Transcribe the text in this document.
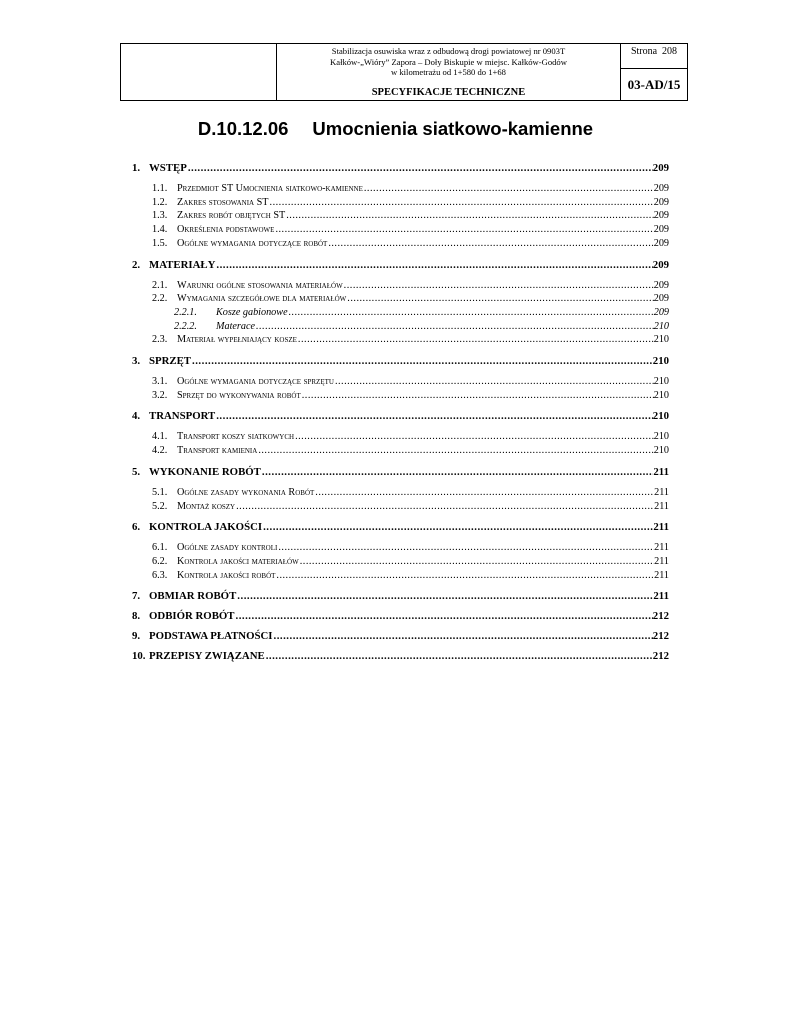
Stabilizacja osuwiska wraz z odbudową drogi powiatowej nr 0903T
Kałków-„Wióry” Zapora – Doły Biskupie w miejsc. Kałków-Godów
w kilometrażu od 1+580 do 1+68
SPECYFIKACJE TECHNICZNE
Strona 208
03-AD/15
D.10.12.06 Umocnienia siatkowo-kamienne
1. WSTĘP .....	209
1.1. Przedmiot ST Umocnienia siatkowo-kamienne .....	209
1.2. Zakres stosowania ST .....	209
1.3. Zakres robót objętych ST .....	209
1.4. Określenia podstawowe .....	209
1.5. Ogólne wymagania dotyczące robót .....	209
2. MATERIAŁY .....	209
2.1. Warunki ogólne stosowania materiałów .....	209
2.2. Wymagania szczegółowe dla materiałów .....	209
2.2.1. Kosze gabionowe .....	209
2.2.2. Materace .....	210
2.3. Materiał wypełniający kosze .....	210
3. SPRZĘT .....	210
3.1. Ogólne wymagania dotyczące sprzętu .....	210
3.2. Sprzęt do wykonywania robót .....	210
4. TRANSPORT .....	210
4.1. Transport koszy siatkowych .....	210
4.2. Transport kamienia .....	210
5. WYKONANIE ROBÓT .....	211
5.1. Ogólne zasady wykonania Robót .....	211
5.2. Montaż koszy .....	211
6. KONTROLA JAKOŚCI .....	211
6.1. Ogólne zasady kontroli .....	211
6.2. Kontrola jakości materiałów .....	211
6.3. Kontrola jakości robót .....	211
7. OBMIAR ROBÓT .....	211
8. ODBIÓR ROBÓT .....	212
9. PODSTAWA PŁATNOŚCI .....	212
10. PRZEPISY ZWIĄZANE .....	212
